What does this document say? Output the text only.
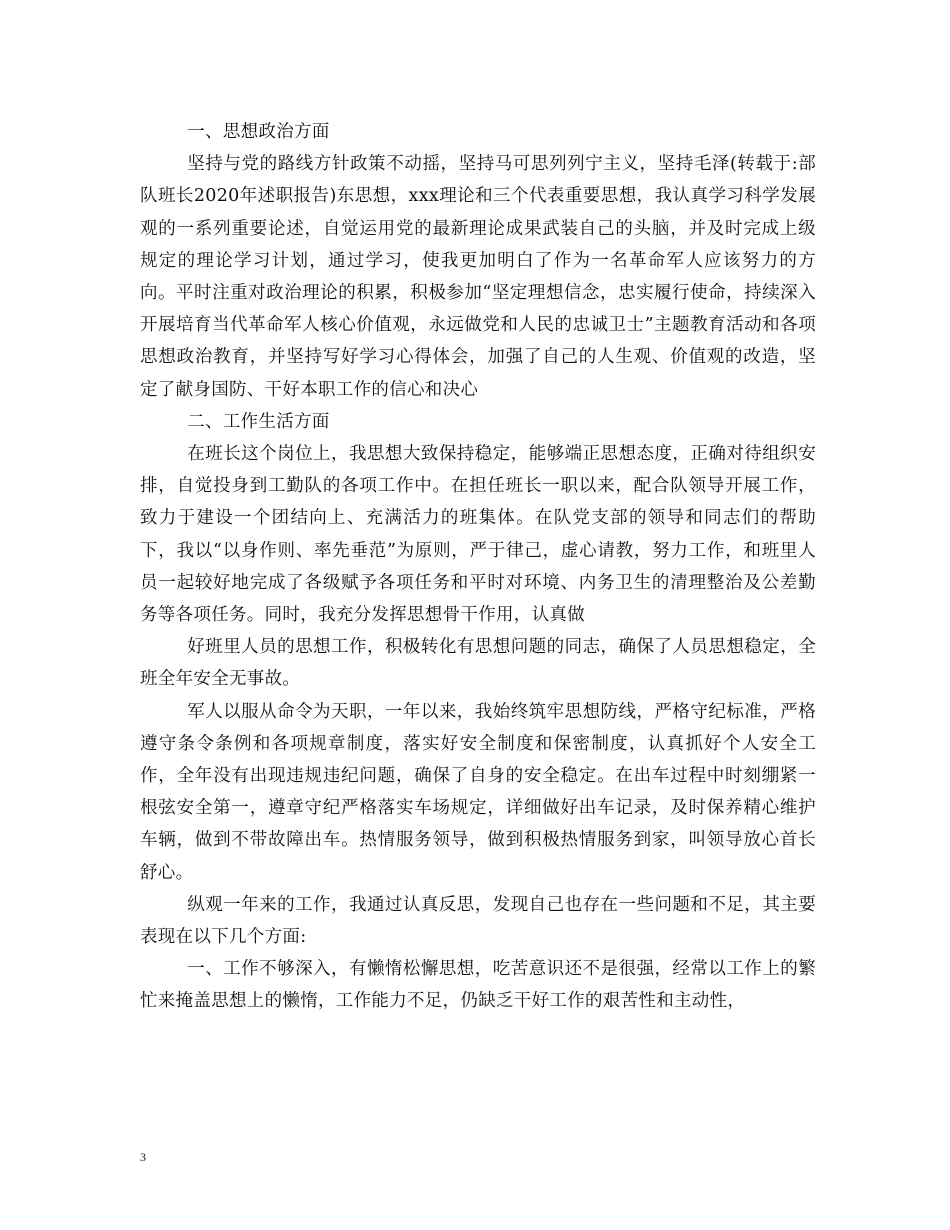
一、思想政治方面

坚持与党的路线方针政策不动摇，坚持马可思列列宁主义，坚持毛泽(转载于:部队班长2020年述职报告)东思想，xxx理论和三个代表重要思想，我认真学习科学发展观的一系列重要论述，自觉运用党的最新理论成果武装自己的头脑，并及时完成上级规定的理论学习计划，通过学习，使我更加明白了作为一名革命军人应该努力的方向。平时注重对政治理论的积累，积极参加“坚定理想信念，忠实履行使命，持续深入开展培育当代革命军人核心价值观，永远做党和人民的忠诚卫士”主题教育活动和各项思想政治教育，并坚持写好学习心得体会，加强了自己的人生观、价值观的改造，坚定了献身国防、干好本职工作的信心和决心

二、工作生活方面

在班长这个岗位上，我思想大致保持稳定，能够端正思想态度，正确对待组织安排，自觉投身到工勤队的各项工作中。在担任班长一职以来，配合队领导开展工作，致力于建设一个团结向上、充满活力的班集体。在队党支部的领导和同志们的帮助下，我以“以身作则、率先垂范”为原则，严于律己，虚心请教，努力工作，和班里人员一起较好地完成了各级赋予各项任务和平时对环境、内务卫生的清理整治及公差勤务等各项任务。同时，我充分发挥思想骨干作用，认真做

好班里人员的思想工作，积极转化有思想问题的同志，确保了人员思想稳定，全班全年安全无事故。

军人以服从命令为天职，一年以来，我始终筑牢思想防线，严格守纪标准，严格遵守条令条例和各项规章制度，落实好安全制度和保密制度，认真抓好个人安全工作，全年没有出现违规违纪问题，确保了自身的安全稳定。在出车过程中时刻绷紧一根弦安全第一，遵章守纪严格落实车场规定，详细做好出车记录，及时保养精心维护车辆，做到不带故障出车。热情服务领导，做到积极热情服务到家，叫领导放心首长舒心。

纵观一年来的工作，我通过认真反思，发现自己也存在一些问题和不足，其主要表现在以下几个方面:

一、工作不够深入，有懒惰松懈思想，吃苦意识还不是很强，经常以工作上的繁忙来掩盖思想上的懒惰，工作能力不足，仍缺乏干好工作的艰苦性和主动性，

3
